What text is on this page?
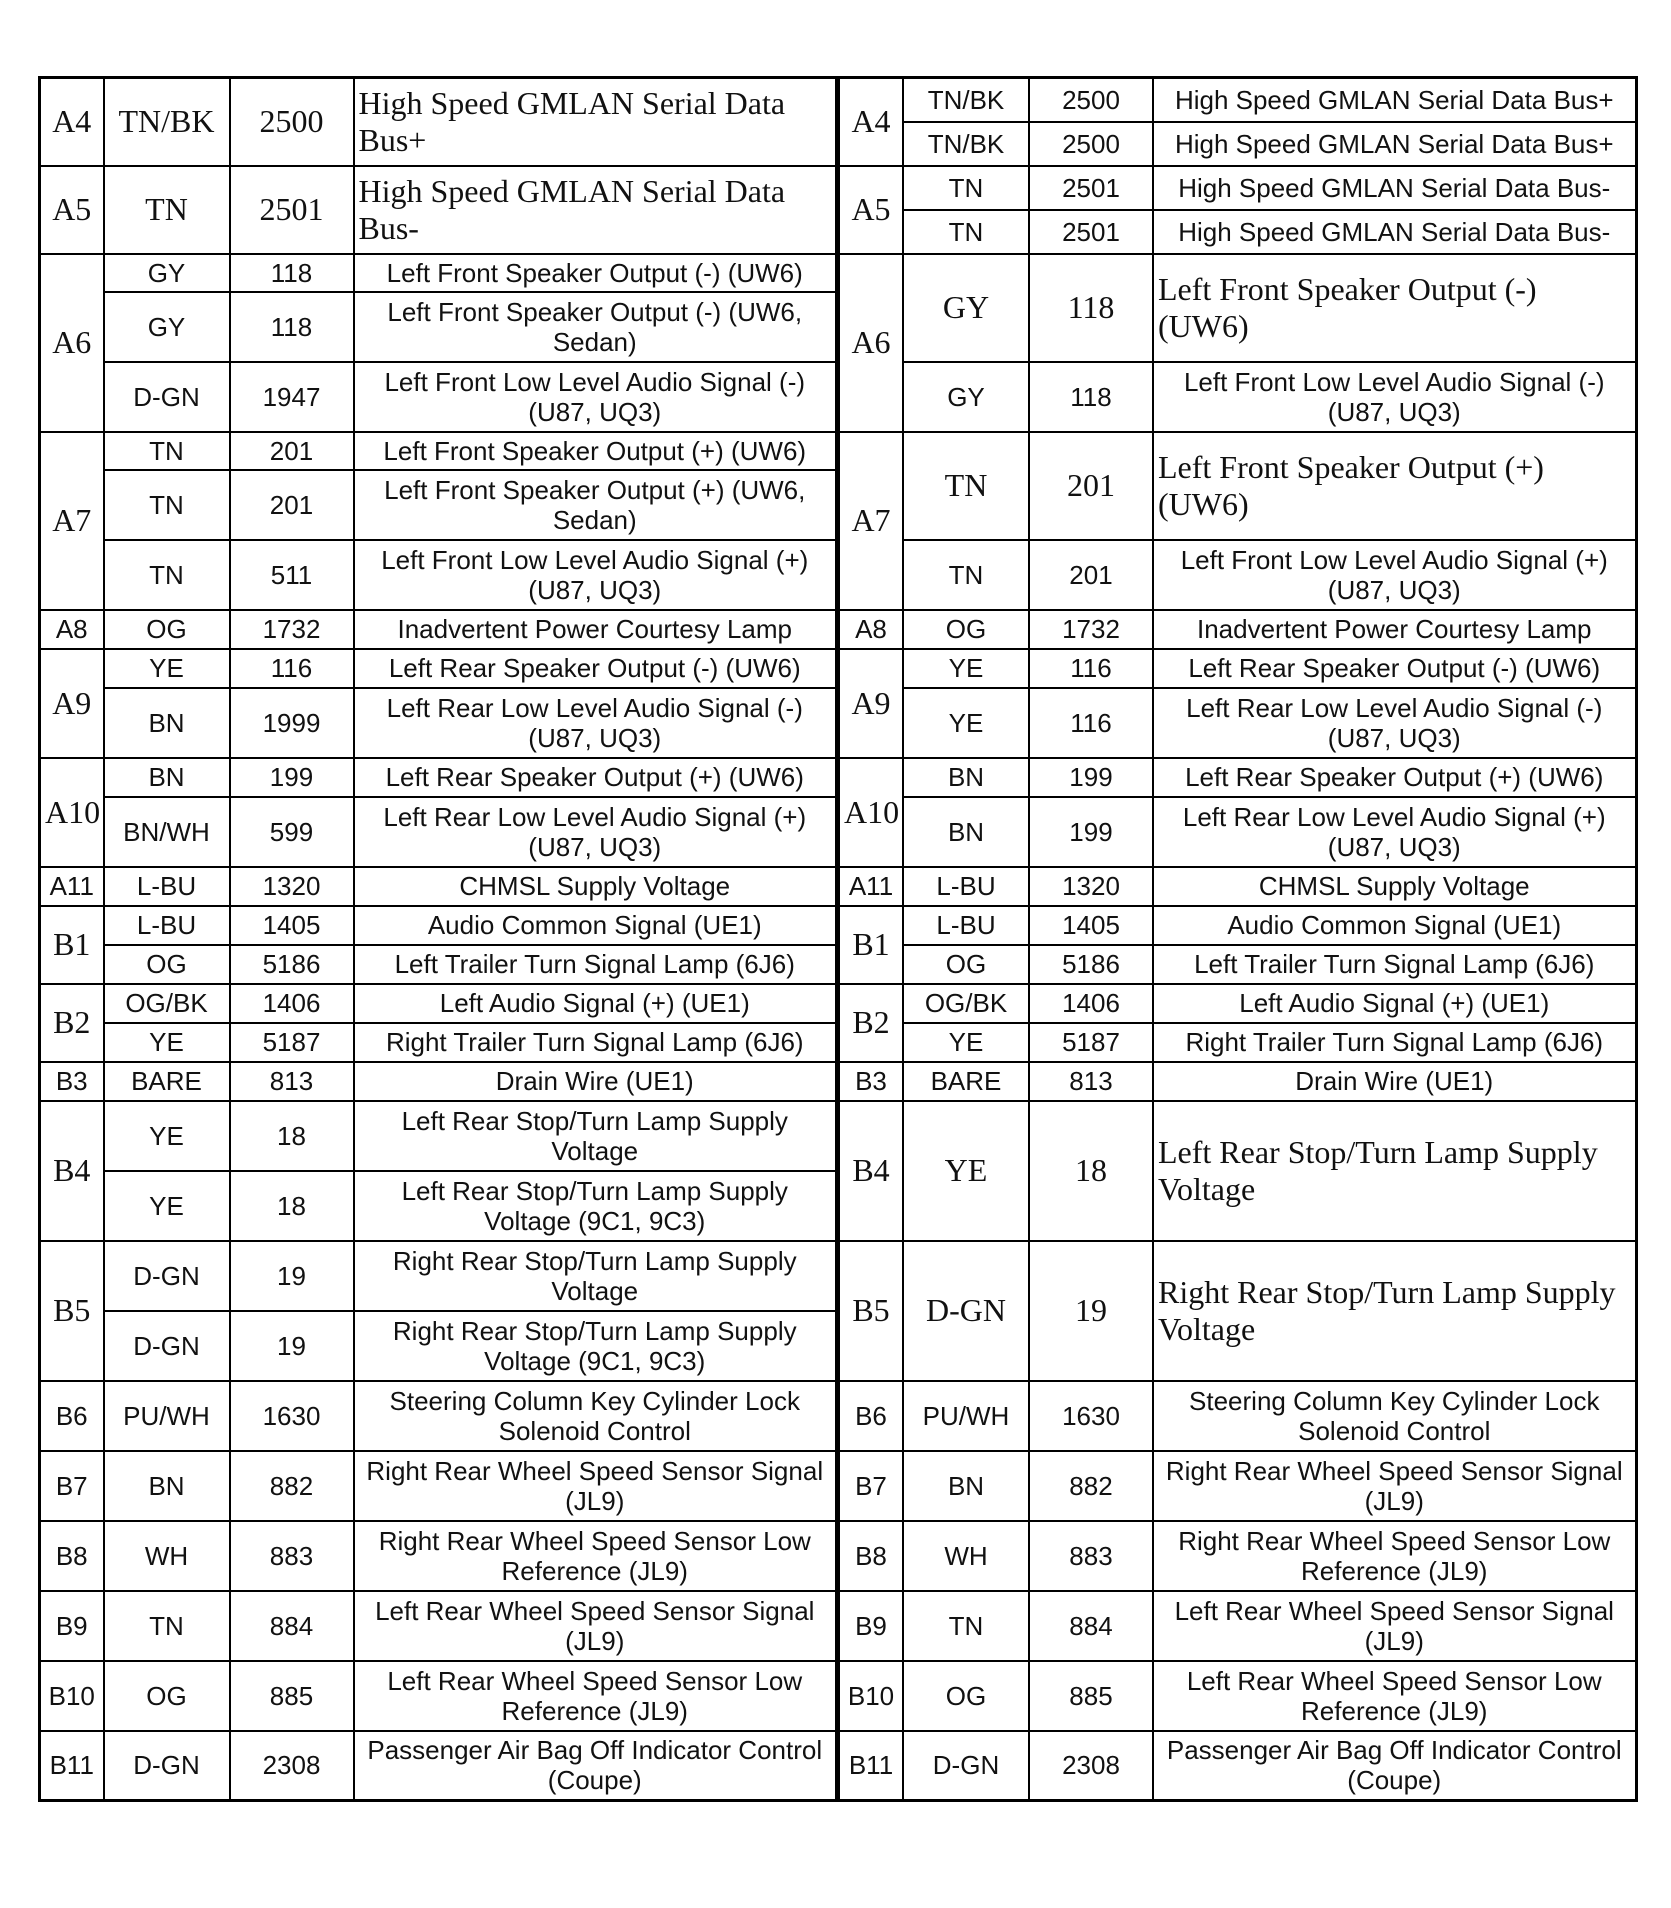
A4	TN/BK	2500	High Speed GMLAN Serial Data Bus+
A5	TN	2501	High Speed GMLAN Serial Data Bus-
A6	GY	118	Left Front Speaker Output (-) (UW6)
	GY	118	Left Front Speaker Output (-) (UW6, Sedan)
	D-GN	1947	Left Front Low Level Audio Signal (-) (U87, UQ3)
A7	TN	201	Left Front Speaker Output (+) (UW6)
	TN	201	Left Front Speaker Output (+) (UW6, Sedan)
	TN	511	Left Front Low Level Audio Signal (+) (U87, UQ3)
A8	OG	1732	Inadvertent Power Courtesy Lamp
A9	YE	116	Left Rear Speaker Output (-) (UW6)
	BN	1999	Left Rear Low Level Audio Signal (-) (U87, UQ3)
A10	BN	199	Left Rear Speaker Output (+) (UW6)
	BN/WH	599	Left Rear Low Level Audio Signal (+) (U87, UQ3)
A11	L-BU	1320	CHMSL Supply Voltage
B1	L-BU	1405	Audio Common Signal (UE1)
	OG	5186	Left Trailer Turn Signal Lamp (6J6)
B2	OG/BK	1406	Left Audio Signal (+) (UE1)
	YE	5187	Right Trailer Turn Signal Lamp (6J6)
B3	BARE	813	Drain Wire (UE1)
B4	YE	18	Left Rear Stop/Turn Lamp Supply Voltage
	YE	18	Left Rear Stop/Turn Lamp Supply Voltage (9C1, 9C3)
B5	D-GN	19	Right Rear Stop/Turn Lamp Supply Voltage
	D-GN	19	Right Rear Stop/Turn Lamp Supply Voltage (9C1, 9C3)
B6	PU/WH	1630	Steering Column Key Cylinder Lock Solenoid Control
B7	BN	882	Right Rear Wheel Speed Sensor Signal (JL9)
B8	WH	883	Right Rear Wheel Speed Sensor Low Reference (JL9)
B9	TN	884	Left Rear Wheel Speed Sensor Signal (JL9)
B10	OG	885	Left Rear Wheel Speed Sensor Low Reference (JL9)
B11	D-GN	2308	Passenger Air Bag Off Indicator Control (Coupe)
A4	TN/BK	2500	High Speed GMLAN Serial Data Bus+
	TN/BK	2500	High Speed GMLAN Serial Data Bus+
A5	TN	2501	High Speed GMLAN Serial Data Bus-
	TN	2501	High Speed GMLAN Serial Data Bus-
A6	GY	118	Left Front Speaker Output (-) (UW6)
	GY	118	Left Front Low Level Audio Signal (-) (U87, UQ3)
A7	TN	201	Left Front Speaker Output (+) (UW6)
	TN	201	Left Front Low Level Audio Signal (+) (U87, UQ3)
A8	OG	1732	Inadvertent Power Courtesy Lamp
A9	YE	116	Left Rear Speaker Output (-) (UW6)
	YE	116	Left Rear Low Level Audio Signal (-) (U87, UQ3)
A10	BN	199	Left Rear Speaker Output (+) (UW6)
	BN	199	Left Rear Low Level Audio Signal (+) (U87, UQ3)
A11	L-BU	1320	CHMSL Supply Voltage
B1	L-BU	1405	Audio Common Signal (UE1)
	OG	5186	Left Trailer Turn Signal Lamp (6J6)
B2	OG/BK	1406	Left Audio Signal (+) (UE1)
	YE	5187	Right Trailer Turn Signal Lamp (6J6)
B3	BARE	813	Drain Wire (UE1)
B4	YE	18	Left Rear Stop/Turn Lamp Supply Voltage
B5	D-GN	19	Right Rear Stop/Turn Lamp Supply Voltage
B6	PU/WH	1630	Steering Column Key Cylinder Lock Solenoid Control
B7	BN	882	Right Rear Wheel Speed Sensor Signal (JL9)
B8	WH	883	Right Rear Wheel Speed Sensor Low Reference (JL9)
B9	TN	884	Left Rear Wheel Speed Sensor Signal (JL9)
B10	OG	885	Left Rear Wheel Speed Sensor Low Reference (JL9)
B11	D-GN	2308	Passenger Air Bag Off Indicator Control (Coupe)
